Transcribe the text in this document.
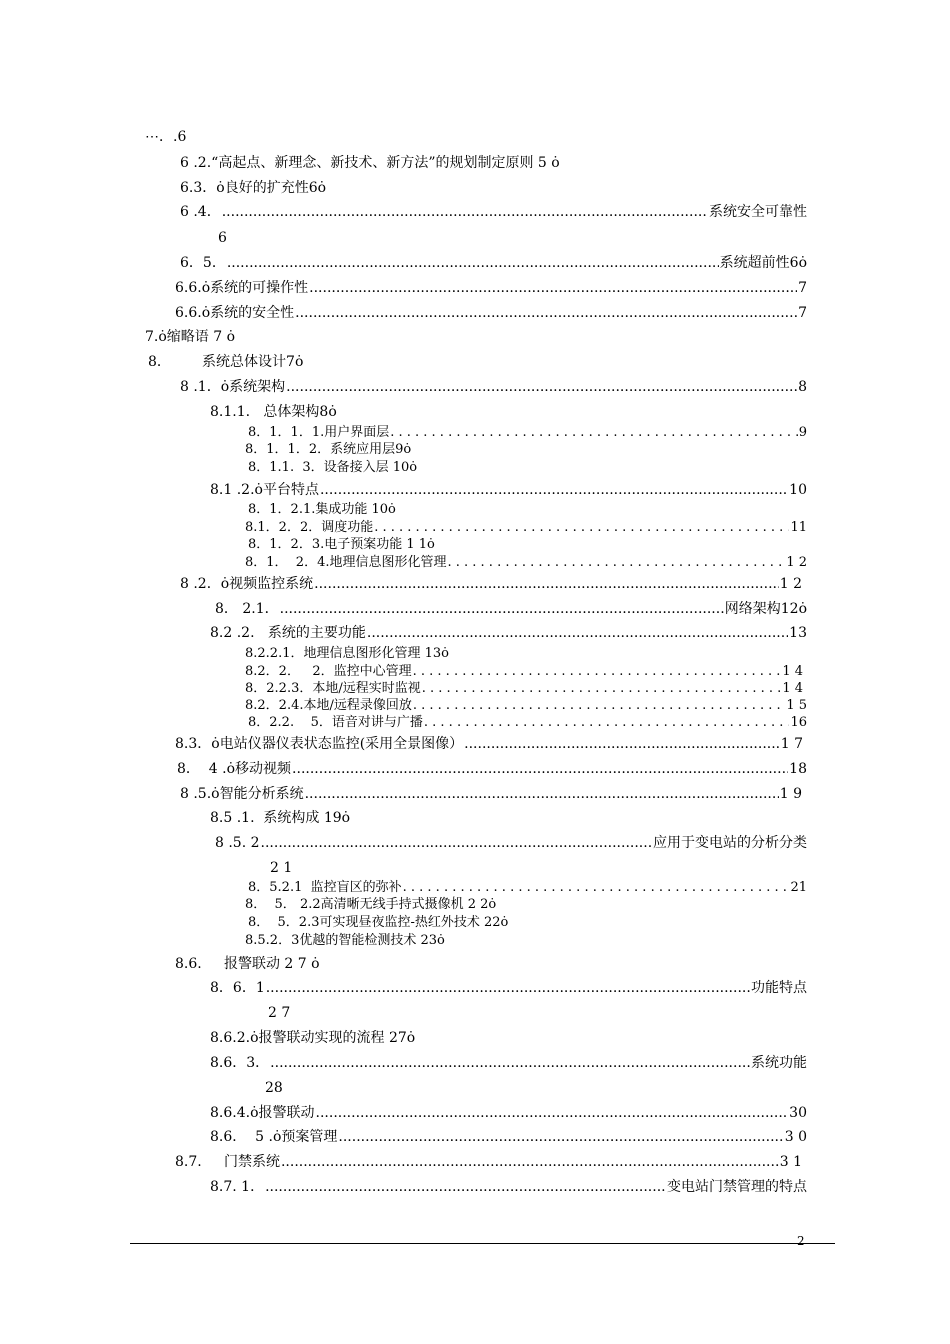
⋯．.6
6 .2.“高起点、新理念、新技术、新方法”的规划制定原则 5 ȯ
6.3．ȯ良好的扩充性6ȯ
6 .4． .....	系统安全可靠性
6
6．5． .....	系统超前性6ȯ
6.6.ȯ系统的可操作性 .....	7
6.6.ȯ系统的安全性 .....	7
7.ȯ缩略语 7 ȯ
8．       系统总体设计7ȯ
8 .1．ȯ系统架构 .....	8
8.1.1.   总体架构8ȯ
8．1．1．1.用户界面层 . . .	9
8．1．1．2．系统应用层9ȯ
8．1.1.  3．设备接入层 10ȯ
8.1 .2.ȯ平台特点 .....	10
8．1．2.1.集成功能 10ȯ
8.1．2．2．调度功能 . . .	11
8．1．2．3.电子预案功能 1 1ȯ
8．1．  2．4.地理信息图形化管理 . . .	1 2
8 .2．ȯ视频监控系统 .....	1 2
8． 2.1． .....	网络架构12ȯ
8.2 .2.   系统的主要功能 .....	13
8.2.2.1．地理信息图形化管理 13ȯ
8.2．2．   2．监控中心管理 . . .	1 4
8．2.2.3．本地/远程实时监视 . . .	1 4
8.2．2.4.本地/远程录像回放 . . .	1 5
8．2.2.    5．语音对讲与广播 . . .	16
8.3．ȯ电站仪器仪表状态监控(采用全景图像） .....	1 7
8．  4 .ȯ移动视频 .....	18
8 .5.ȯ智能分析系统 .....	1 9
8.5 .1.  系统构成 19ȯ
8 .5. 2 .....	应用于变电站的分析分类
2 1
8．5.2.1  监控盲区的弥补 . . .	21
8．  5． 2.2高清晰无线手持式摄像机 2 2ȯ
8．  5．2.3可实现昼夜监控-热红外技术 22ȯ
8.5.2．3优越的智能检测技术 23ȯ
8.6.     报警联动 2 7 ȯ
8．6．1 .....	功能特点
2 7
8.6.2.ȯ报警联动实现的流程 27ȯ
8.6．3． .....	系统功能
28
8.6.4.ȯ报警联动 .....	30
8.6．  5 .ȯ预案管理 .....	3 0
8.7.     门禁系统 .....	3 1
8.7. 1． .....	变电站门禁管理的特点
2
